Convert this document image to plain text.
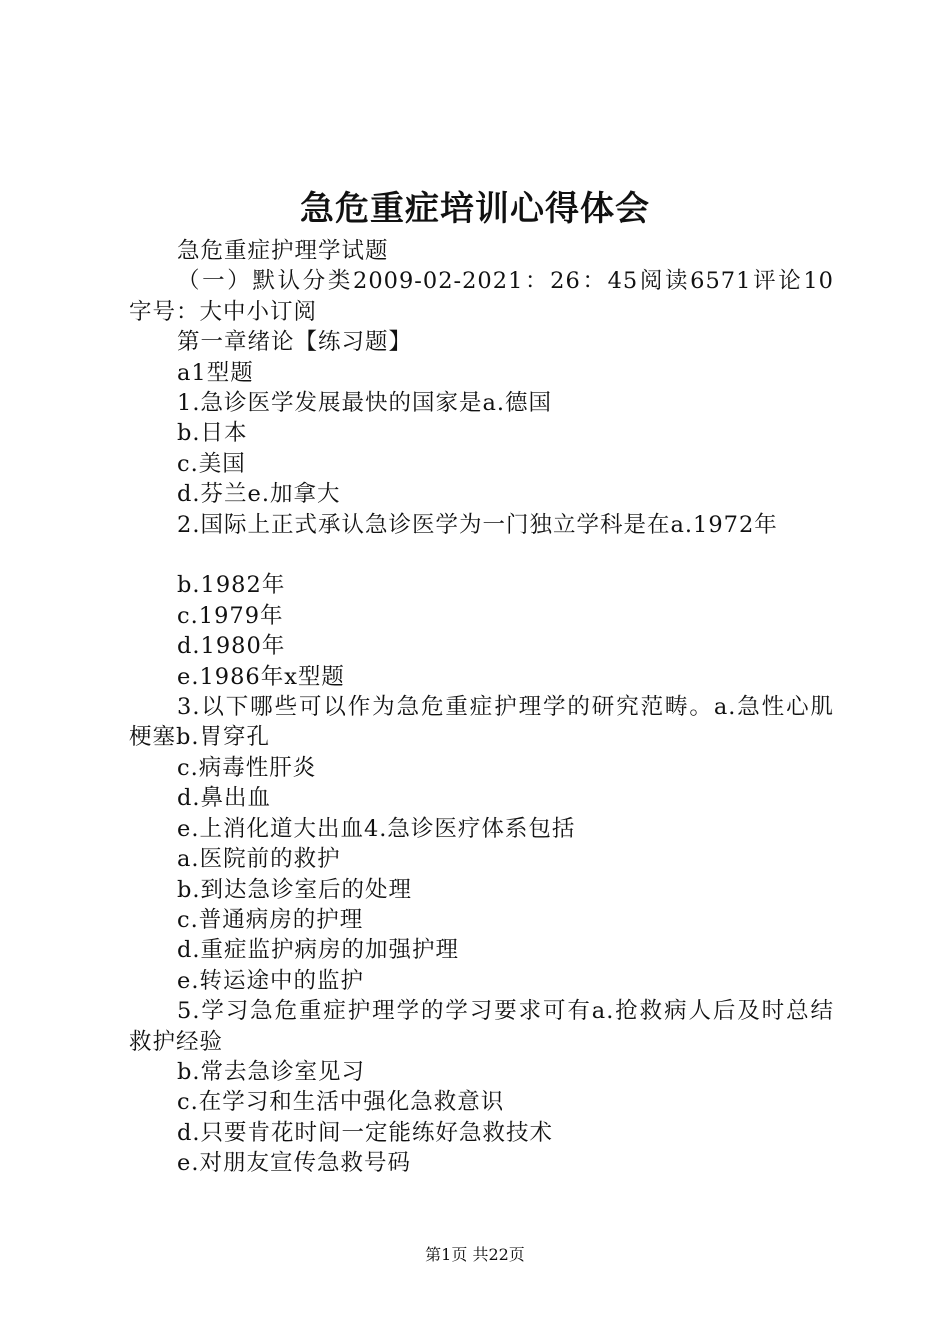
急危重症培训心得体会

急危重症护理学试题

（一）默认分类2009-02-2021：26：45阅读6571评论10 字号：大中小订阅

第一章绪论【练习题】

a1型题

1.急诊医学发展最快的国家是a.德国

b.日本

c.美国

d.芬兰e.加拿大

2.国际上正式承认急诊医学为一门独立学科是在a.1972年

b.1982年

c.1979年

d.1980年

e.1986年x型题

3.以下哪些可以作为急危重症护理学的研究范畴。a.急性心肌梗塞b.胃穿孔

c.病毒性肝炎

d.鼻出血

e.上消化道大出血4.急诊医疗体系包括

a.医院前的救护

b.到达急诊室后的处理

c.普通病房的护理

d.重症监护病房的加强护理

e.转运途中的监护

5.学习急危重症护理学的学习要求可有a.抢救病人后及时总结救护经验

b.常去急诊室见习

c.在学习和生活中强化急救意识

d.只要肯花时间一定能练好急救技术

e.对朋友宣传急救号码

第1页 共22页
